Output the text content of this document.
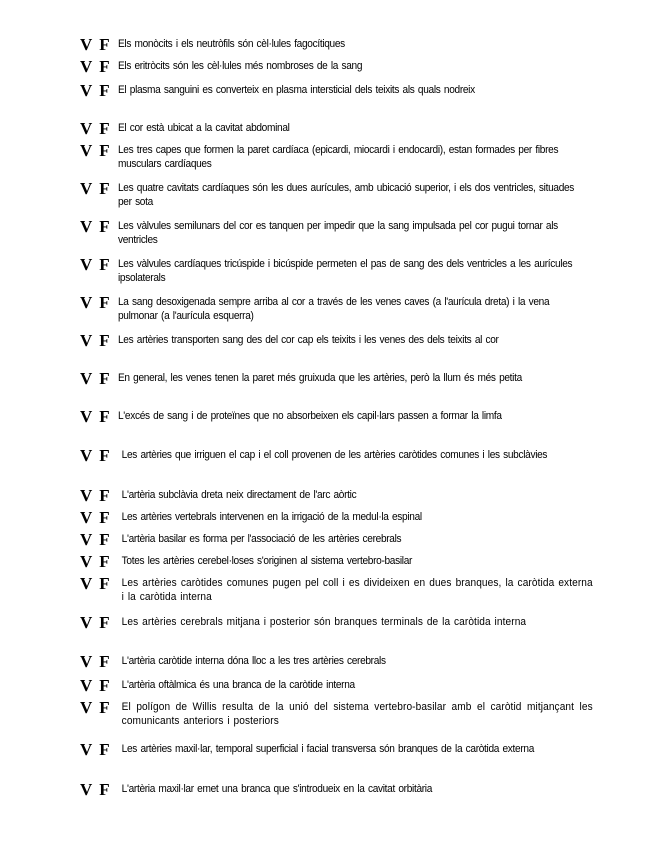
V F Els monòcits i els neutròfils són cèl·lules fagocítiques
V F Els eritròcits són les cèl·lules més nombroses de la sang
V F El plasma sanguini es converteix en plasma intersticial dels teixits als quals nodreix
V F El cor està ubicat a la cavitat abdominal
V F Les tres capes que formen la paret cardíaca (epicardi, miocardi i endocardi), estan formades per fibres musculars cardíaques
V F Les quatre cavitats cardíaques són les dues aurícules, amb ubicació superior, i els dos ventricles, situades per sota
V F Les vàlvules semilunars del cor es tanquen per impedir que la sang impulsada pel cor pugui tornar als ventricles
V F Les vàlvules cardíaques tricúspide i bicúspide permeten el pas de sang des dels ventricles a les aurícules ipsolaterals
V F La sang desoxigenada sempre arriba al cor a través de les venes caves (a l'aurícula dreta) i la vena pulmonar (a l'aurícula esquerra)
V F Les artèries transporten sang des del cor cap els teixits i les venes des dels teixits al cor
V F En general, les venes tenen la paret més gruixuda que les artèries, però la llum és més petita
V F L'excés de sang i de proteïnes que no absorbeixen els capil·lars passen a formar la limfa
V F	Les artèries que irriguen el cap i el coll provenen de les artèries caròtides comunes i les subclàvies
V F	L'artèria subclàvia dreta neix directament de l'arc aòrtic
V F	Les artèries vertebrals intervenen en la irrigació de la medul·la espinal
V F	L'artèria basilar es forma per l'associació de les artèries cerebrals
V F	Totes les artèries cerebel·loses s'originen al sistema vertebro-basilar
V F	Les artèries caròtides comunes pugen pel coll i es divideixen en dues branques, la caròtida externa i la caròtida interna
V F	Les artèries cerebrals mitjana i posterior són branques terminals de la caròtida interna
V F	L'artèria caròtide interna dóna lloc a les tres artèries cerebrals
V F	L'artèria oftàlmica és una branca de la caròtide interna
V F	El polígon de Willis resulta de la unió del sistema vertebro-basilar amb el caròtid mitjançant les comunicants anteriors i posteriors
V F	Les artèries maxil·lar, temporal superficial i facial transversa són branques de la caròtida externa
V F	L'artèria maxil·lar emet una branca que s'introdueix en la cavitat orbitària
